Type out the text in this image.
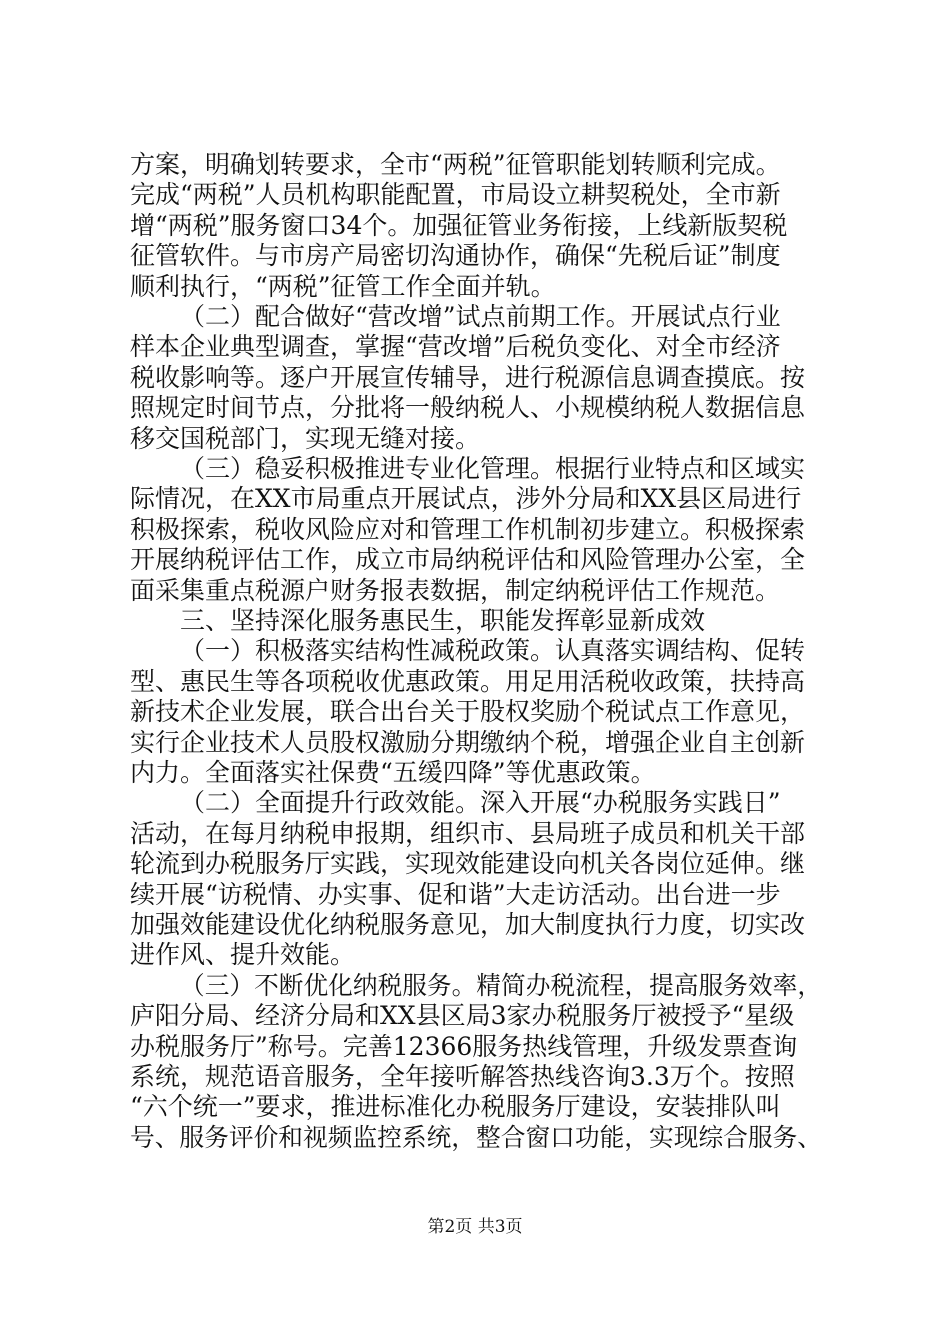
方案，明确划转要求，全市“两税”征管职能划转顺利完成。
完成“两税”人员机构职能配置，市局设立耕契税处，全市新
增“两税”服务窗口34个。加强征管业务衔接，上线新版契税
征管软件。与市房产局密切沟通协作，确保“先税后证”制度
顺利执行，“两税”征管工作全面并轨。
（二）配合做好“营改增”试点前期工作。开展试点行业
样本企业典型调查，掌握“营改增”后税负变化、对全市经济
税收影响等。逐户开展宣传辅导，进行税源信息调查摸底。按
照规定时间节点，分批将一般纳税人、小规模纳税人数据信息
移交国税部门，实现无缝对接。
（三）稳妥积极推进专业化管理。根据行业特点和区域实
际情况，在XX市局重点开展试点，涉外分局和XX县区局进行
积极探索，税收风险应对和管理工作机制初步建立。积极探索
开展纳税评估工作，成立市局纳税评估和风险管理办公室，全
面采集重点税源户财务报表数据，制定纳税评估工作规范。
三、坚持深化服务惠民生，职能发挥彰显新成效
（一）积极落实结构性减税政策。认真落实调结构、促转
型、惠民生等各项税收优惠政策。用足用活税收政策，扶持高
新技术企业发展，联合出台关于股权奖励个税试点工作意见，
实行企业技术人员股权激励分期缴纳个税，增强企业自主创新
内力。全面落实社保费“五缓四降”等优惠政策。
（二）全面提升行政效能。深入开展“办税服务实践日”
活动，在每月纳税申报期，组织市、县局班子成员和机关干部
轮流到办税服务厅实践，实现效能建设向机关各岗位延伸。继
续开展“访税情、办实事、促和谐”大走访活动。出台进一步
加强效能建设优化纳税服务意见，加大制度执行力度，切实改
进作风、提升效能。
（三）不断优化纳税服务。精简办税流程，提高服务效率，
庐阳分局、经济分局和XX县区局3家办税服务厅被授予“星级
办税服务厅”称号。完善12366服务热线管理，升级发票查询
系统，规范语音服务，全年接听解答热线咨询3.3万个。按照
“六个统一”要求，推进标准化办税服务厅建设，安装排队叫
号、服务评价和视频监控系统，整合窗口功能，实现综合服务、
第2页 共3页
